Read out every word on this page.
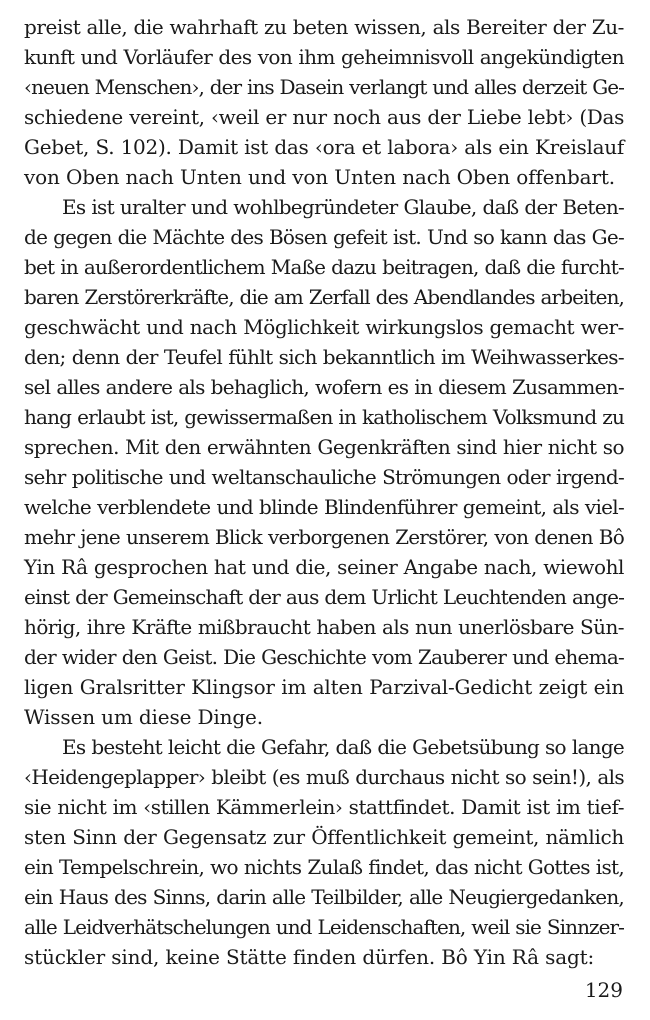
preist alle, die wahrhaft zu beten wissen, als Bereiter der Zu-
kunft und Vorläufer des von ihm geheimnisvoll angekündigten
‹neuen Menschen›, der ins Dasein verlangt und alles derzeit Ge-
schiedene vereint, ‹weil er nur noch aus der Liebe lebt› (Das
Gebet, S. 102). Damit ist das ‹ora et labora› als ein Kreislauf
von Oben nach Unten und von Unten nach Oben offenbart.
Es ist uralter und wohlbegründeter Glaube, daß der Beten-
de gegen die Mächte des Bösen gefeit ist. Und so kann das Ge-
bet in außerordentlichem Maße dazu beitragen, daß die furcht-
baren Zerstörerkräfte, die am Zerfall des Abendlandes arbeiten,
geschwächt und nach Möglichkeit wirkungslos gemacht wer-
den; denn der Teufel fühlt sich bekanntlich im Weihwasserkes-
sel alles andere als behaglich, wofern es in diesem Zusammen-
hang erlaubt ist, gewissermaßen in katholischem Volksmund zu
sprechen. Mit den erwähnten Gegenkräften sind hier nicht so
sehr politische und weltanschauliche Strömungen oder irgend-
welche verblendete und blinde Blindenführer gemeint, als viel-
mehr jene unserem Blick verborgenen Zerstörer, von denen Bô
Yin Râ gesprochen hat und die, seiner Angabe nach, wiewohl
einst der Gemeinschaft der aus dem Urlicht Leuchtenden ange-
hörig, ihre Kräfte mißbraucht haben als nun unerlösbare Sün-
der wider den Geist. Die Geschichte vom Zauberer und ehema-
ligen Gralsritter Klingsor im alten Parzival-Gedicht zeigt ein
Wissen um diese Dinge.
Es besteht leicht die Gefahr, daß die Gebetsübung so lange
‹Heidengeplapper› bleibt (es muß durchaus nicht so sein!), als
sie nicht im ‹stillen Kämmerlein› stattfindet. Damit ist im tief-
sten Sinn der Gegensatz zur Öffentlichkeit gemeint, nämlich
ein Tempelschrein, wo nichts Zulaß findet, das nicht Gottes ist,
ein Haus des Sinns, darin alle Teilbilder, alle Neugiergedanken,
alle Leidverhätschelungen und Leidenschaften, weil sie Sinnzer-
stückler sind, keine Stätte finden dürfen. Bô Yin Râ sagt:
129
